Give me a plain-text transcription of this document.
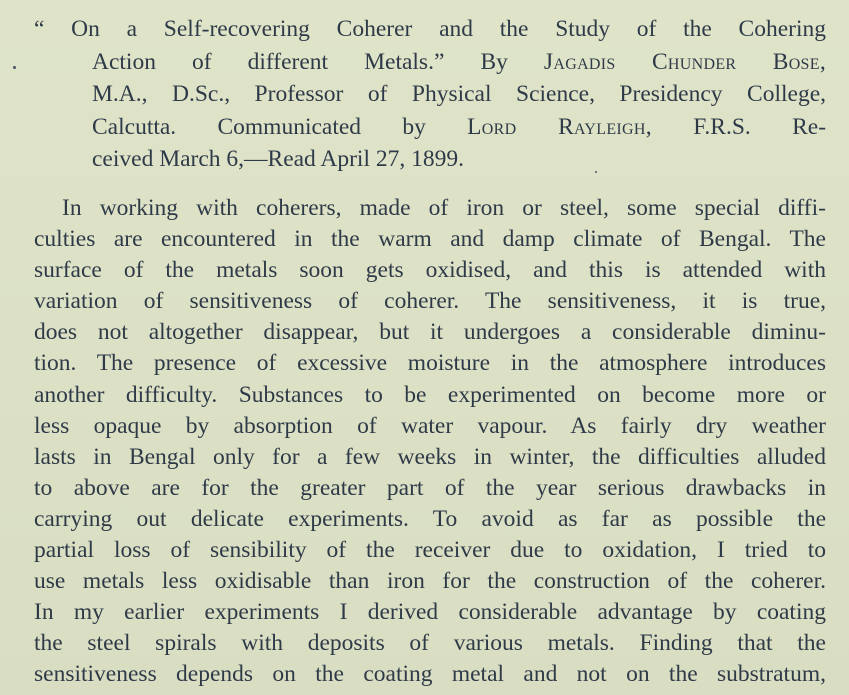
“ On a Self-recovering Coherer and the Study of the Cohering
Action of different Metals.” By Jagadis Chunder Bose,
M.A., D.Sc., Professor of Physical Science, Presidency College,
Calcutta. Communicated by Lord Rayleigh, F.R.S. Re-
ceived March 6,—Read April 27, 1899.
In working with coherers, made of iron or steel, some special diffi-
culties are encountered in the warm and damp climate of Bengal. The
surface of the metals soon gets oxidised, and this is attended with
variation of sensitiveness of coherer. The sensitiveness, it is true,
does not altogether disappear, but it undergoes a considerable diminu-
tion. The presence of excessive moisture in the atmosphere introduces
another difficulty. Substances to be experimented on become more or
less opaque by absorption of water vapour. As fairly dry weather
lasts in Bengal only for a few weeks in winter, the difficulties alluded
to above are for the greater part of the year serious drawbacks in
carrying out delicate experiments. To avoid as far as possible the
partial loss of sensibility of the receiver due to oxidation, I tried to
use metals less oxidisable than iron for the construction of the coherer.
In my earlier experiments I derived considerable advantage by coating
the steel spirals with deposits of various metals. Finding that the
sensitiveness depends on the coating metal and not on the substratum,
